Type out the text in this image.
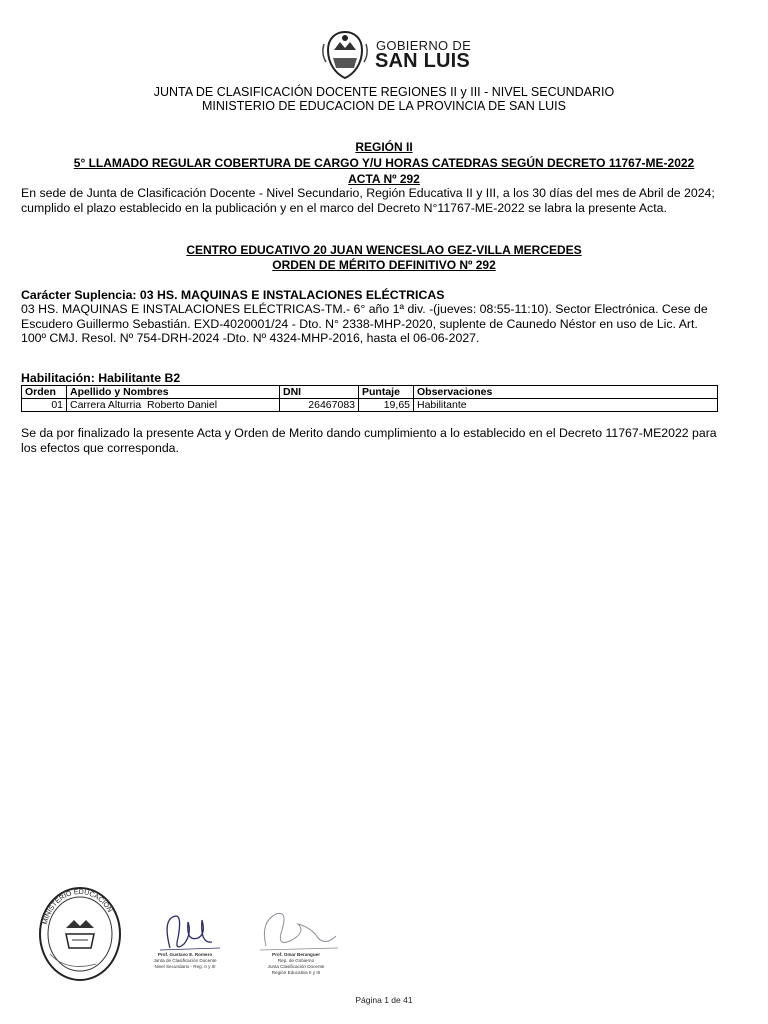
GOBIERNO DE
SAN LUIS
JUNTA DE CLASIFICACIÓN DOCENTE REGIONES II y III - NIVEL SECUNDARIO
MINISTERIO DE EDUCACION DE LA PROVINCIA DE SAN LUIS
REGIÓN II
5° LLAMADO REGULAR COBERTURA DE CARGO Y/U HORAS CATEDRAS SEGÚN DECRETO 11767-ME-2022
ACTA Nº 292
En sede de Junta de Clasificación Docente - Nivel Secundario, Región Educativa II y III, a los 30 días del mes de Abril de 2024; cumplido el plazo establecido en la publicación y en el marco del Decreto N°11767-ME-2022 se labra la presente Acta.
CENTRO EDUCATIVO 20 JUAN WENCESLAO GEZ-VILLA MERCEDES
ORDEN DE MÉRITO DEFINITIVO Nº 292
Carácter Suplencia: 03 HS. MAQUINAS E INSTALACIONES ELÉCTRICAS
03 HS. MAQUINAS E INSTALACIONES ELÉCTRICAS-TM.- 6° año 1ª div. -(jueves: 08:55-11:10). Sector Electrónica. Cese de Escudero Guillermo Sebastián. EXD-4020001/24 - Dto. N° 2338-MHP-2020, suplente de Caunedo Néstor en uso de Lic. Art. 100º CMJ. Resol. Nº 754-DRH-2024 -Dto. Nº 4324-MHP-2016, hasta el 06-06-2027.
Habilitación: Habilitante B2
Orden	Apellido y Nombres	DNI	Puntaje	Observaciones
01	Carrera Alturria  Roberto Daniel	26467083	19,65	Habilitante
Se da por finalizado la presente Acta y Orden de Merito dando cumplimiento a lo establecido en el Decreto 11767-ME2022 para los efectos que corresponda.
MINISTERIO EDUCACIÓN
Prof. Gustavo E. Romero
Junta de Clasificación Docente
Nivel Secundario - Reg. II y III
Prof. Omar Beranguer
Rep. de Gobierno
Junta Clasificación Docente
Región Educativa II y III
Página 1 de 41
